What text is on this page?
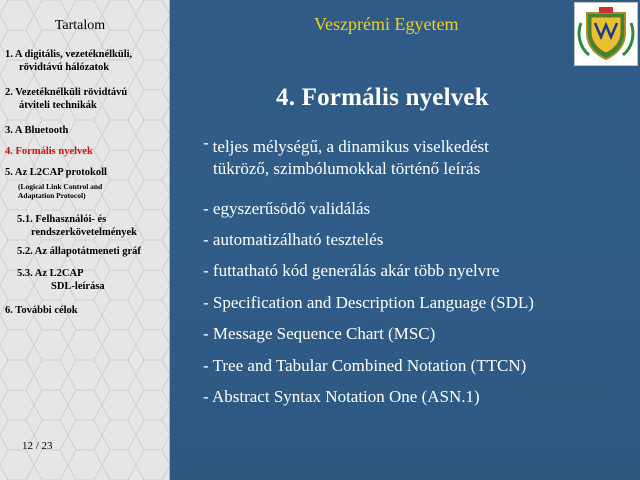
Tartalom
1. A digitális, vezetéknélküli,
rövidtávú hálózatok
2. Vezetéknélküli rövidtávú
átviteli technikák
3. A Bluetooth
4. Formális nyelvek
5. Az L2CAP protokoll
(Logical Link Control and
Adaptation Protocol)
5.1. Felhasználói- és
rendszerkövetelmények
5.2. Az állapotátmeneti gráf
5.3. Az L2CAP
SDL-leírása
6. További célok
12 / 23
Veszprémi Egyetem
4. Formális nyelvek
- teljes mélységű, a dinamikus viselkedést
tükröző, szimbólumokkal történő leírás
- egyszerűsödő validálás
- automatizálható tesztelés
- futtatható kód generálás akár több nyelvre
- Specification and Description Language (SDL)
- Message Sequence Chart (MSC)
- Tree and Tabular Combined Notation (TTCN)
- Abstract Syntax Notation One (ASN.1)
